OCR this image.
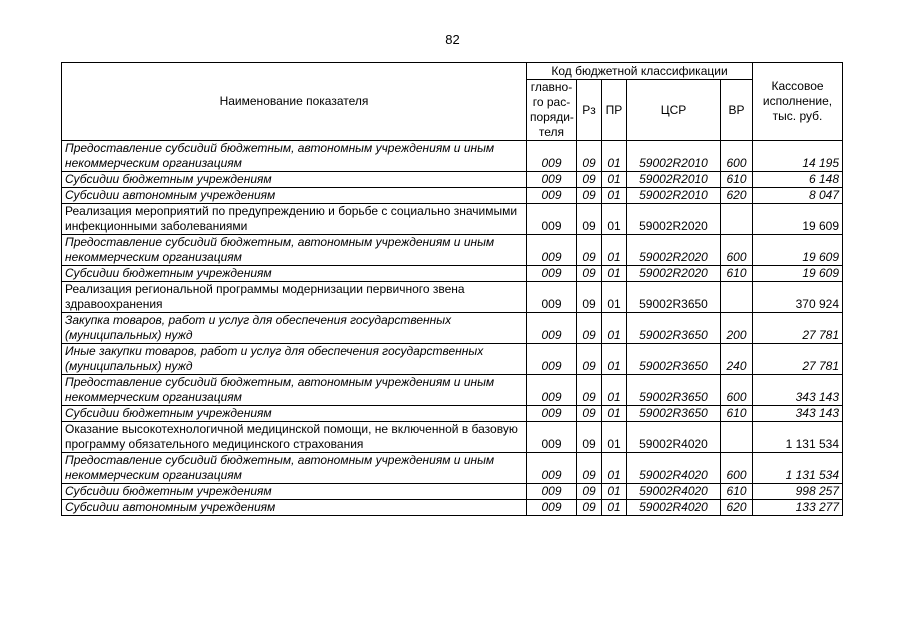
82
Наименование показателя	Код бюджетной классификации					Кассовое исполнение, тыс. руб.
	главно-го рас-поряди-теля	Рз	ПР	ЦСР	ВР	
Предоставление субсидий бюджетным, автономным учреждениям и иным некоммерческим организациям	009	09	01	59002R2010	600	14 195
Субсидии бюджетным учреждениям	009	09	01	59002R2010	610	6 148
Субсидии автономным учреждениям	009	09	01	59002R2010	620	8 047
Реализация мероприятий по предупреждению и борьбе с социально значимыми инфекционными заболеваниями	009	09	01	59002R2020		19 609
Предоставление субсидий бюджетным, автономным учреждениям и иным некоммерческим организациям	009	09	01	59002R2020	600	19 609
Субсидии бюджетным учреждениям	009	09	01	59002R2020	610	19 609
Реализация региональной программы модернизации первичного звена здравоохранения	009	09	01	59002R3650		370 924
Закупка товаров, работ и услуг для обеспечения государственных (муниципальных) нужд	009	09	01	59002R3650	200	27 781
Иные закупки товаров, работ и услуг для обеспечения государственных (муниципальных) нужд	009	09	01	59002R3650	240	27 781
Предоставление субсидий бюджетным, автономным учреждениям и иным некоммерческим организациям	009	09	01	59002R3650	600	343 143
Субсидии бюджетным учреждениям	009	09	01	59002R3650	610	343 143
Оказание высокотехнологичной медицинской помощи, не включенной в базовую программу обязательного медицинского страхования	009	09	01	59002R4020		1 131 534
Предоставление субсидий бюджетным, автономным учреждениям и иным некоммерческим организациям	009	09	01	59002R4020	600	1 131 534
Субсидии бюджетным учреждениям	009	09	01	59002R4020	610	998 257
Субсидии автономным учреждениям	009	09	01	59002R4020	620	133 277
